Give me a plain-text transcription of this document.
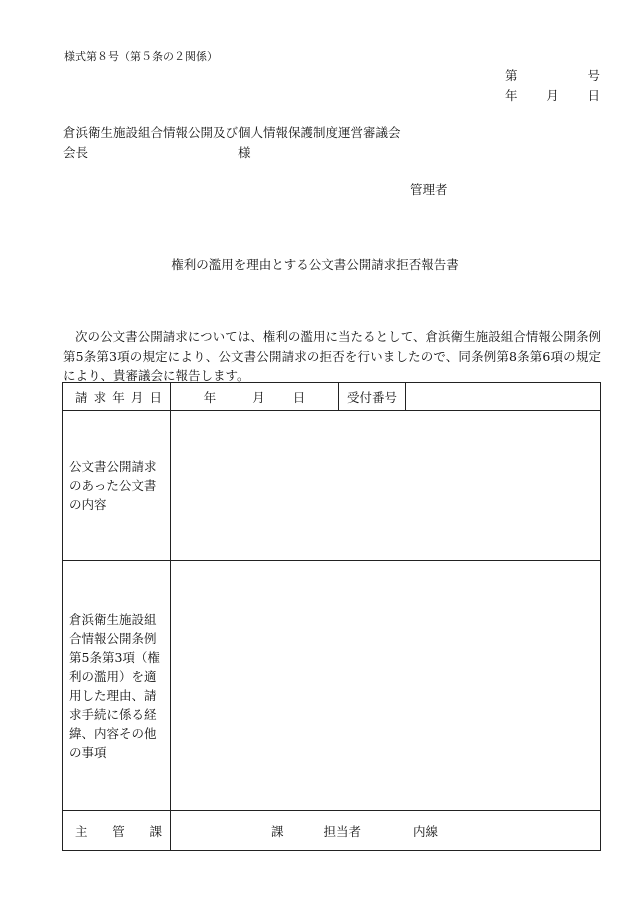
様式第８号（第５条の２関係）
第	号
年 月 日
倉浜衛生施設組合情報公開及び個人情報保護制度運営審議会
会長	様
管理者
権利の濫用を理由とする公文書公開請求拒否報告書
次の公文書公開請求については、権利の濫用に当たるとして、倉浜衛生施設組合情報公開条例第5条第3項の規定により、公文書公開請求の拒否を行いましたので、同条例第8条第6項の規定により、貴審議会に報告します。
請 求 年 月 日	年 月 日	受付番号	
公文書公開請求のあった公文書の内容			
倉浜衛生施設組合情報公開条例第5条第3項（権利の濫用）を適用した理由、請求手続に係る経緯、内容その他の事項			

主 管 課	課 担当者 内線		
